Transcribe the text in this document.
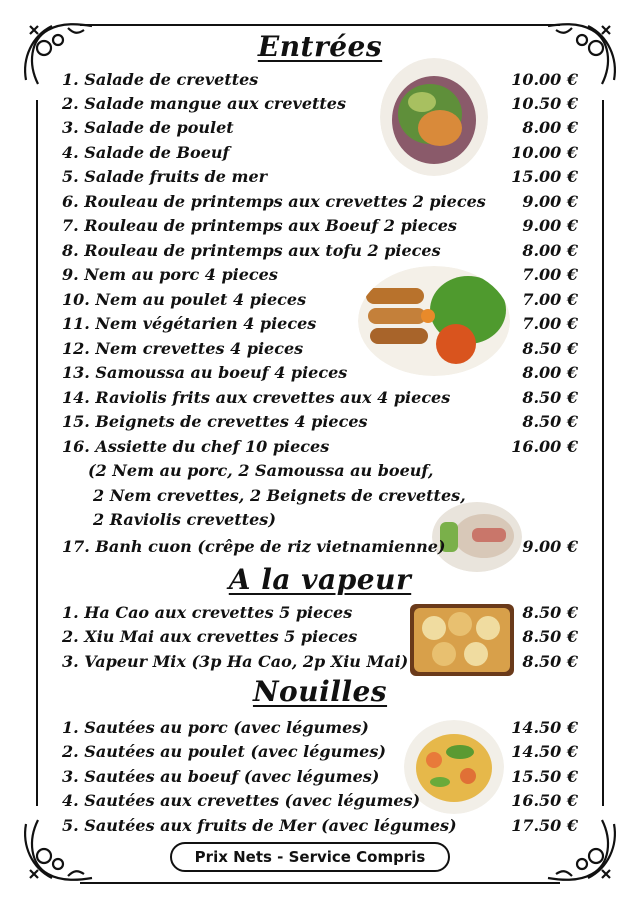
Entrées
1. Salade de crevettes	10.00 €
2. Salade mangue aux crevettes	10.50 €
3. Salade de poulet	8.00 €
4. Salade de Boeuf	10.00 €
5. Salade fruits de mer	15.00 €
6. Rouleau de printemps aux crevettes 2 pieces 9.00 €
7. Rouleau de printemps aux Boeuf 2 pieces	9.00 €
8. Rouleau de printemps aux tofu 2 pieces	8.00 €
9. Nem au porc 4 pieces	7.00 €
10. Nem au poulet 4 pieces	7.00 €
11. Nem végétarien 4 pieces	7.00 €
12. Nem crevettes 4 pieces	8.50 €
13. Samoussa au boeuf 4 pieces	8.00 €
14. Raviolis frits aux crevettes aux 4 pieces	8.50 €
15. Beignets de crevettes 4 pieces	8.50 €
16. Assiette du chef 10 pieces	16.00 €
(2 Nem au porc, 2 Samoussa au boeuf,
2 Nem crevettes, 2 Beignets de crevettes,
2 Raviolis crevettes)
17. Banh cuon (crêpe de riz vietnamienne)	9.00 €
A la vapeur
1. Ha Cao aux crevettes 5 pieces	8.50 €
2. Xiu Mai aux crevettes 5 pieces	8.50 €
3. Vapeur Mix (3p Ha Cao, 2p Xiu Mai)	8.50 €
Nouilles
1. Sautées au porc (avec légumes)	14.50 €
2. Sautées au poulet (avec légumes)	14.50 €
3. Sautées au boeuf (avec légumes)	15.50 €
4. Sautées aux crevettes (avec légumes)	16.50 €
5. Sautées aux fruits de Mer (avec légumes)	17.50 €
Prix Nets - Service Compris
